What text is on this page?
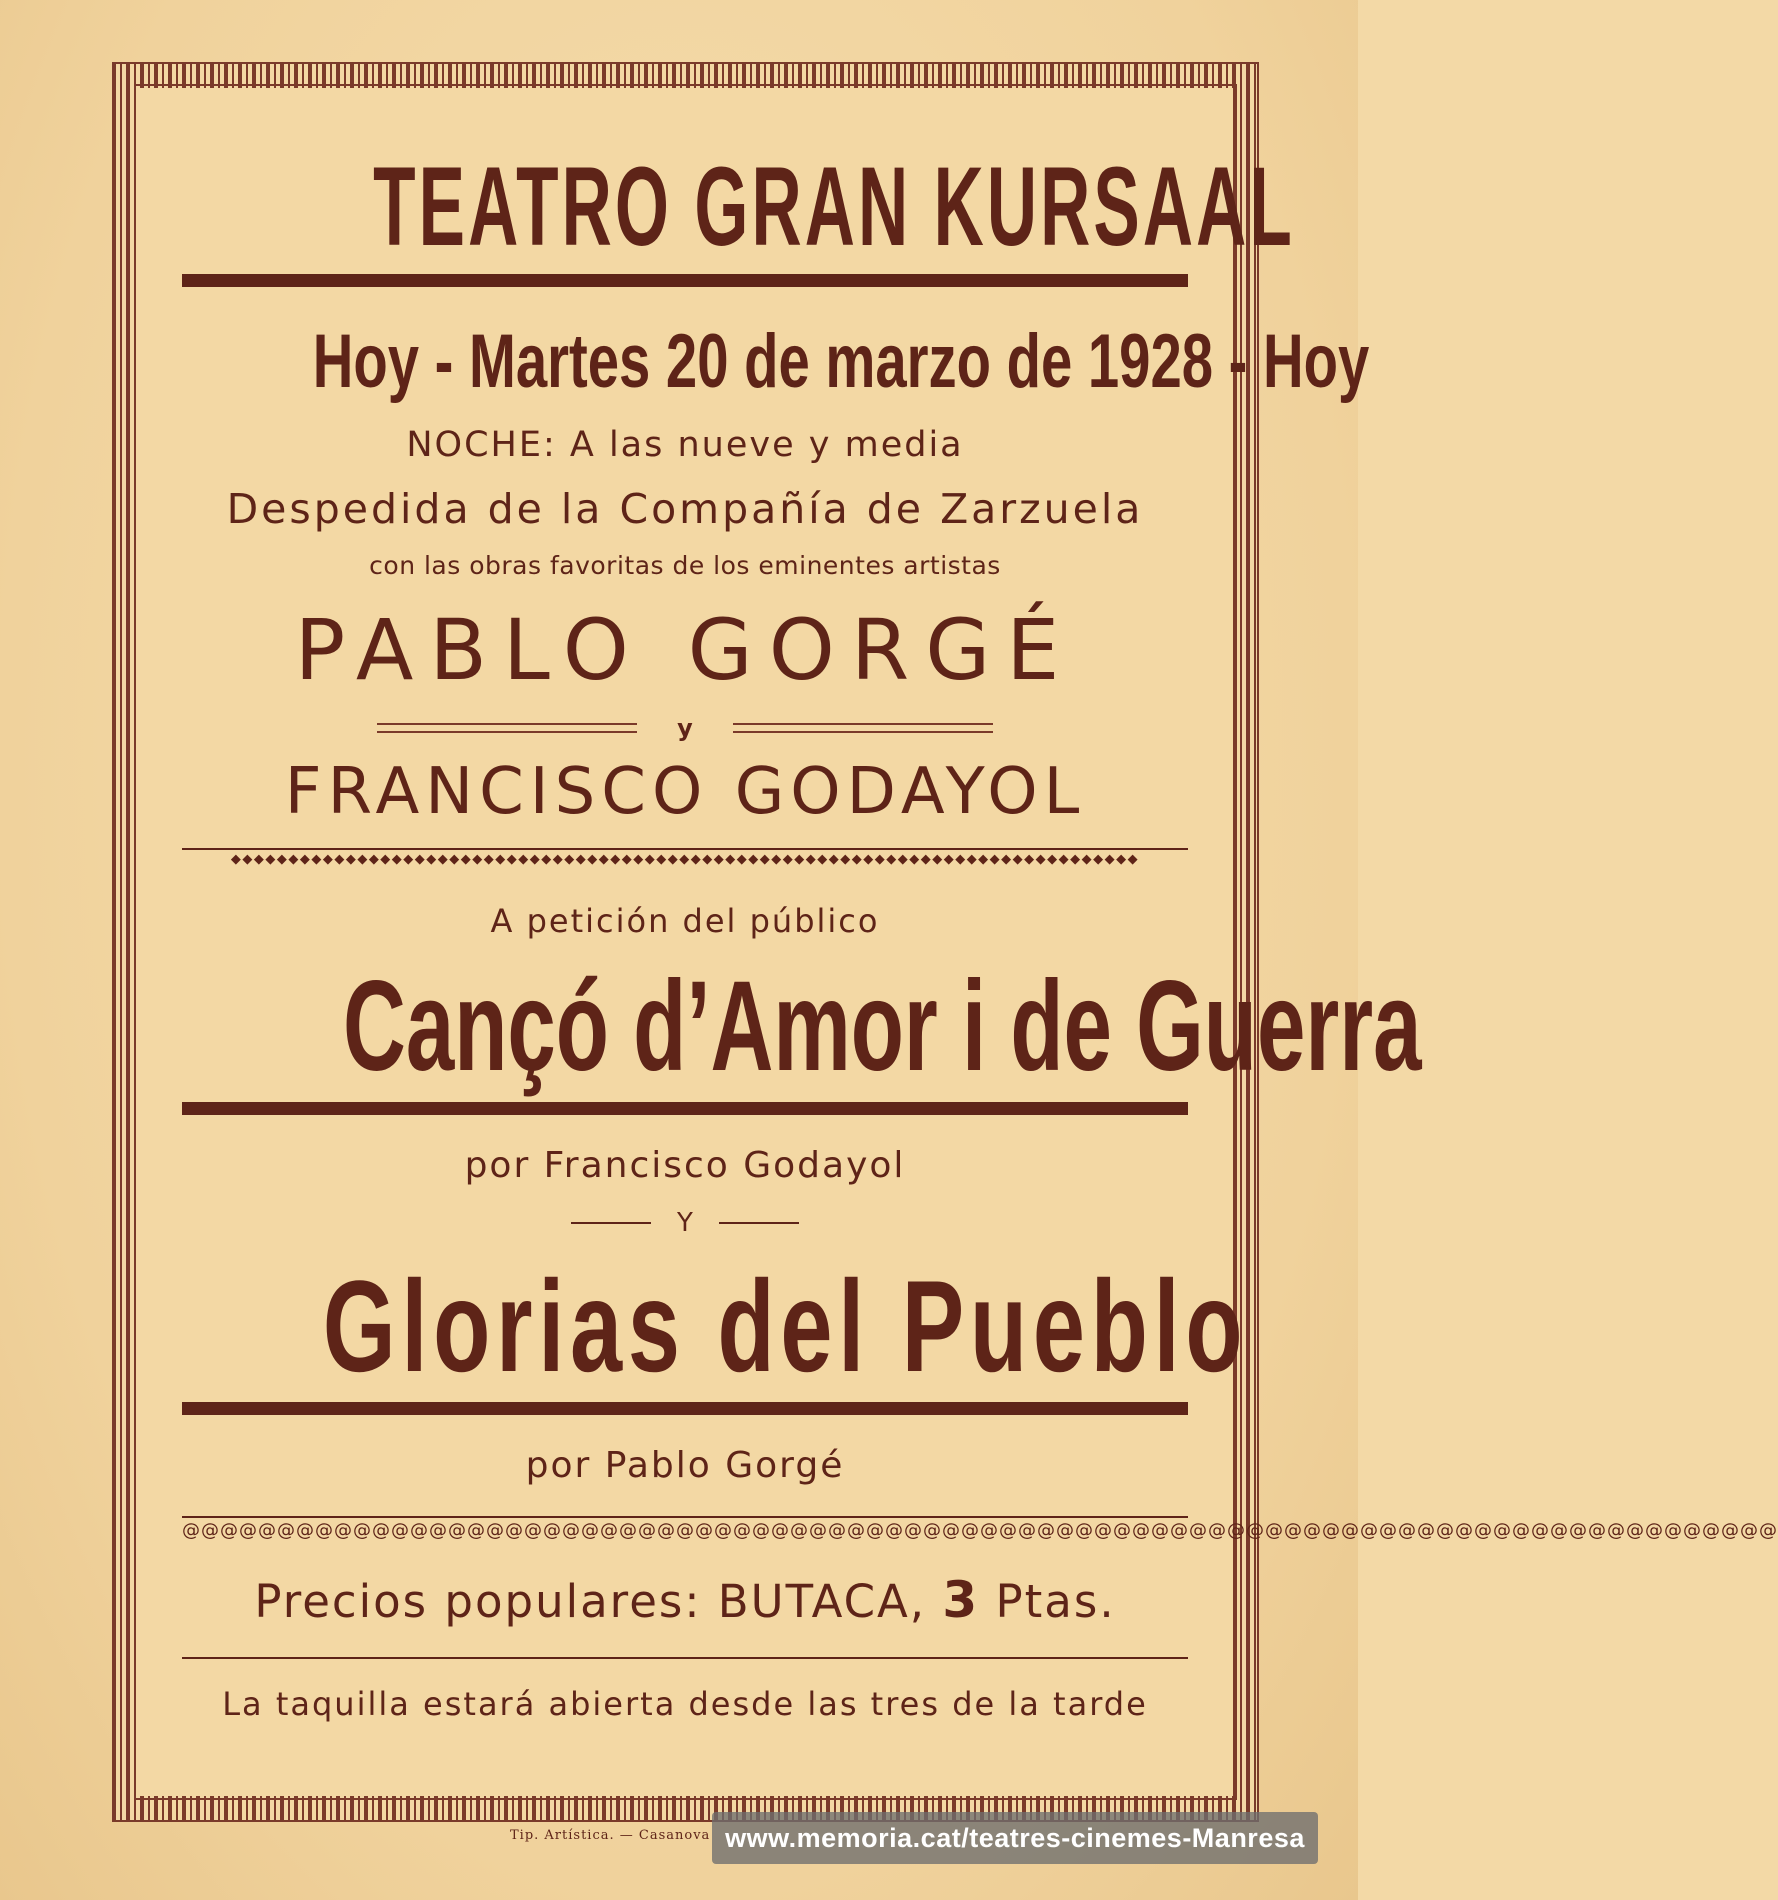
TEATRO GRAN KURSAAL
Hoy - Martes 20 de marzo de 1928 - Hoy
NOCHE: A las nueve y media
Despedida de la Compañía de Zarzuela
con las obras favoritas de los eminentes artistas
PABLO GORGÉ
y
FRANCISCO GODAYOL
◆◆◆◆◆◆◆◆◆◆◆◆◆◆◆◆◆◆◆◆◆◆◆◆◆◆◆◆◆◆◆◆◆◆◆◆◆◆◆◆◆◆◆◆◆◆◆◆◆◆◆◆◆◆◆◆◆◆◆◆◆◆◆◆◆◆◆◆◆◆◆◆◆◆◆◆◆◆◆
A petición del público
Cançó d’Amor i de Guerra
por Francisco Godayol
Y
Glorias del Pueblo
por Pablo Gorgé
@@@@@@@@@@@@@@@@@@@@@@@@@@@@@@@@@@@@@@@@@@@@@@@@@@@@@@@@@@@@@@@@@@@@@@@@@@@@@@@@@@@@
Precios populares: BUTACA, 3 Ptas.
La taquilla estará abierta desde las tres de la tarde
Tip. Artística. — Casanova www.memoria.cat/teatres-cinemes-Manresa
